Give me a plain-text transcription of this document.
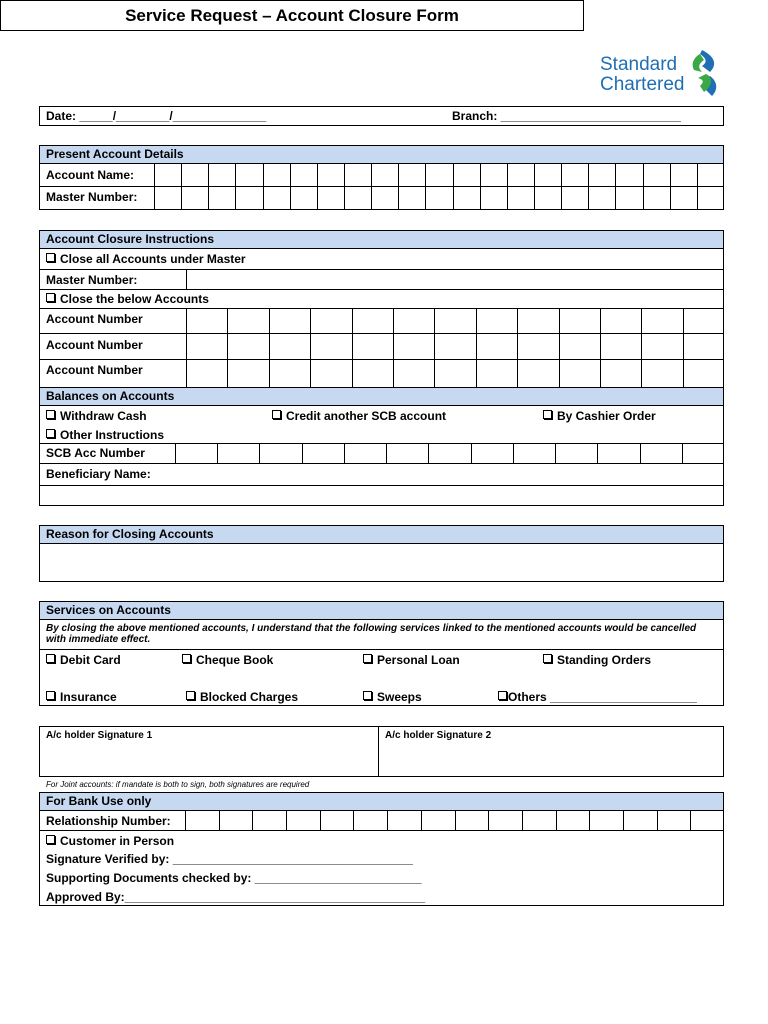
Service Request – Account Closure Form
Standard
Chartered
Date: _____/________/______________	Branch: ___________________________
Present Account Details
Account Name:
Master Number:
Account Closure Instructions
Close all Accounts under Master
Master Number:
Close the below Accounts
Account Number
Account Number
Account Number
Balances on Accounts
Withdraw Cash	Credit another SCB account	By Cashier Order
Other Instructions
SCB Acc Number
Beneficiary Name:
Reason for Closing Accounts
Services on Accounts
By closing the above mentioned accounts, I understand that the following services linked to the mentioned accounts would be cancelled with immediate effect.
Debit Card	Cheque Book	Personal Loan	Standing Orders
Insurance	Blocked Charges	Sweeps	Others ______________________
A/c holder Signature 1	A/c holder Signature 2
For Joint accounts: if mandate is both to sign, both signatures are required
For Bank Use only
Relationship Number:
Customer in Person
Signature Verified by: ____________________________________
Supporting Documents checked by: _________________________
Approved By:_____________________________________________
